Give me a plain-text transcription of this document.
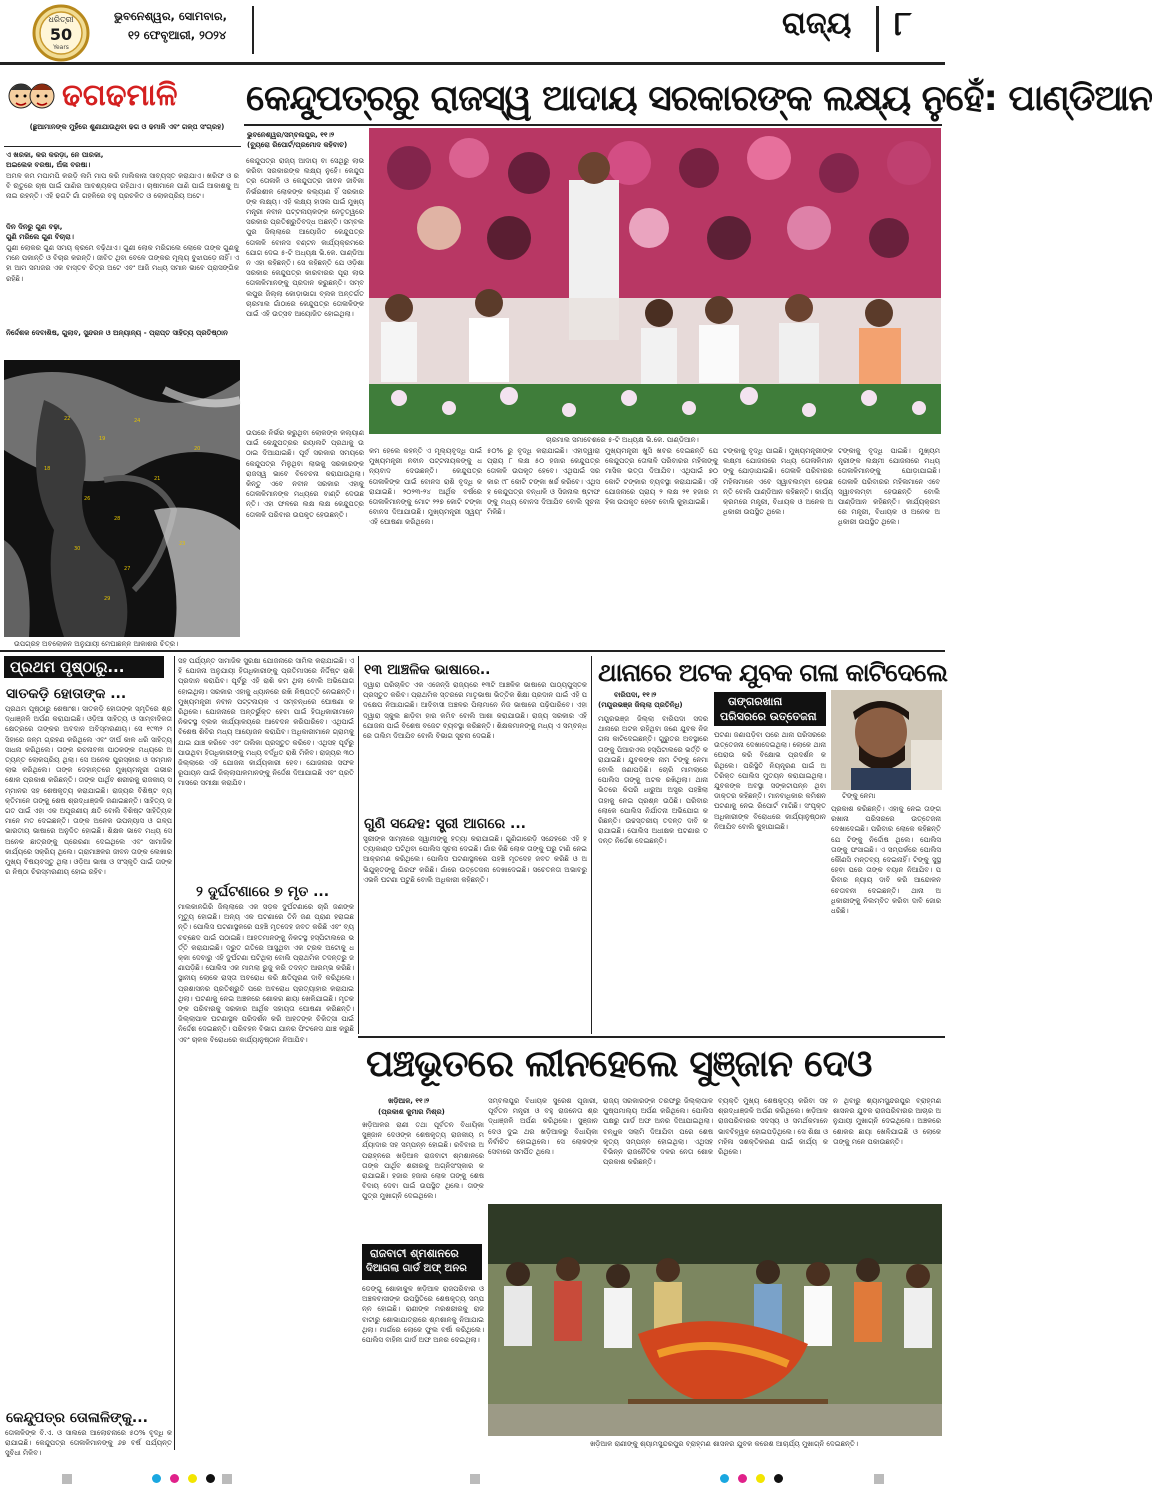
ଧରିତ୍ରୀ
50
Years
ଭୁବନେଶ୍ୱର, ସୋମବାର,
୧୨ ଫେବୃଆରୀ, ୨୦୨୪	ରାଜ୍ୟ ୮
ଢଗଢମାଳି
(ଛୁଆମାନଙ୍କ ମୁହଁରେ ଶୁଣାଯାଉଥିବା ଢଗ ଓ ଢମାଳି ଏବଂ ଗଳ୍ପ ସଂଗ୍ରହ)
ଏ ଖରକା, କର କରଡ଼ା, ନେ ପାରକା,
ଅଇଲେକ ବରଷା, ଅଁଳା ବରଷା।
ଅମଳ କମ ମପାମପି କରଡ଼ି ଲମି ମାପ କରି ମାଲିକାନା ସାବ୍ୟସ୍ତ କରାଯାଏ। ଖରିଫ ଓ ରବି ଋତୁରେ ଚାଷ ପାଇଁ ପାଣିର ଆବଶ୍ୟକତା ରହିଥାଏ। ଚାଷୀମାନେ ପାଣି ପାଇଁ ଆକାଶକୁ ଅନାଇ ରହନ୍ତି। ଏହି ଢଗଟି ଗାଁ ଗହଳିରେ ବହୁ ପ୍ରଚଳିତ ଓ ଲୋକପ୍ରିୟ ଅଟେ।
ଦିନ ଦିନରୁ ଗୁଣ ବଢ଼ା,
ଗୁଣି ମରିଲେ ଗୁଣ ବିଚାରା।
ଗୁଣୀ ଲୋକର ଗୁଣ ସମୟ କ୍ରମେ ବଢ଼ିଥାଏ। ଗୁଣୀ ଲୋକ ମରିଗଲେ ଲୋକେ ତାଙ୍କ ଗୁଣକୁ ମନେ ପକାନ୍ତି ଓ ବିଚାର କରନ୍ତି। ଜୀବିତ ଥିବା ବେଳେ ତାଙ୍କର ମୂଲ୍ୟ ବୁଝାପଡ଼େ ନାହିଁ। ଏହା ଆମ ସମାଜର ଏକ ବାସ୍ତବ ଚିତ୍ର ଅଟେ ଏବଂ ଆଜି ମଧ୍ୟ ସମାନ ଭାବେ ପ୍ରାସଙ୍ଗିକ ରହିଛି।
ନିର୍ଦ୍ଦେଶକ ଦେବାଶିଷ, ଗୁଲାବ, ସୁନ୍ଦରନ ଓ ଅନ୍ୟାନ୍ୟ - ପ୍ରାପ୍ତ ସାହିତ୍ୟ ପ୍ରତିଷ୍ଠାନ
22
19
24
26
28
21
30
27
23
18
20
29
ଉପଗ୍ରହ ଅବଲୋକନ ଅନୁଯାୟୀ ମେଘାଛନ୍ନ ଆକାଶର ଚିତ୍ର।
କେନ୍ଦୁପତ୍ରରୁ ରାଜସ୍ୱ ଆଦାୟ ସରକାରଙ୍କ ଲକ୍ଷ୍ୟ ନୁହେଁ: ପାଣ୍ଡିଆନ
ଭୁବନେଶ୍ୱର/ସମ୍ବଲପୁର, ୧୧।୨
(ବ୍ୟୁରୋ ରିପୋର୍ଟ/ପ୍ରମୋଦ କହିବାଚ)
କେନ୍ଦୁପତ୍ର ରାଜ୍ୟ ଆଦାୟ ବା ସେଥିରୁ ଲାଭ କରିବା ସରକାରଙ୍କ ଲକ୍ଷ୍ୟ ନୁହେଁ। କେନ୍ଦୁପତ୍ର ତୋଳାଳି ଓ କେନ୍ଦୁପତ୍ର ଜୀବନ ଜୀବିକା ନିର୍ଭରଶୀଳ ଲୋକଙ୍କ କଲ୍ୟାଣ ହିଁ ସରକାରଙ୍କ ଲକ୍ଷ୍ୟ। ଏହି ଲକ୍ଷ୍ୟ ହାସଲ ପାଇଁ ମୁଖ୍ୟମନ୍ତ୍ରୀ ନବୀନ ପଟ୍ଟନାୟକଙ୍କ ନେତୃତ୍ୱରେ ସରକାର ପ୍ରତିଶ୍ରୁତିବଦ୍ଧ ଅଛନ୍ତି। ସମ୍ବଲପୁର ଜିଲ୍ଲାରେ ଆୟୋଜିତ କେନ୍ଦୁପତ୍ର ତୋଳାଳି ବୋନସ ବଣ୍ଟନ କାର୍ଯ୍ୟକ୍ରମରେ ଯୋଗ ଦେଇ ୫-ଟି ଅଧ୍ୟକ୍ଷ ଭି.କେ. ପାଣ୍ଡିଆନ ଏହା କହିଛନ୍ତି। ସେ କହିଛନ୍ତି ଯେ ଓଡ଼ିଶା ସରକାର କେନ୍ଦୁପତ୍ର କାରବାରର ପୂରା ଲାଭ ତୋଳାଳିମାନଙ୍କୁ ପ୍ରଦାନ କରୁଛନ୍ତି। ସମ୍ବଲପୁର ଜିଲ୍ଲା କୋଡ଼ାଭାଗା ବ୍ଲକ ଅନ୍ତର୍ଗତ ଚାରମାଲ ଗାଁଠାରେ କେନ୍ଦୁପତ୍ର ତୋଳାଳିଙ୍କ ପାଇଁ ଏହି ଉତ୍ସବ ଆୟୋଜିତ ହୋଇଥିଲା।
ଚାରମାଲ ସମାବେଶରେ ୫-ଟି ଅଧ୍ୟକ୍ଷ ଭି.କେ. ପାଣ୍ଡିଆନ।
ଉପରେ ନିର୍ଭର କରୁଥିବା ଲୋକଙ୍କ କଲ୍ୟାଣ ପାଇଁ କେନ୍ଦୁପତ୍ରର ରୟାଲଟି ପ୍ରଥାକୁ ଉଠାଇ ଦିଆଯାଇଛି। ପୂର୍ବ ସରକାର ସମୟରେ କେନ୍ଦୁପତ୍ର ମିଳୁଥିବା ଲାଭକୁ ସରକାରଙ୍କ ରାଜସ୍ୱ ଭାବେ ବିବେଚନା କରାଯାଉଥିଲା। କିନ୍ତୁ ଏବେ ନବୀନ ସରକାର ଏହାକୁ ତୋଳାଳିମାନଙ୍କ ମଧ୍ୟରେ ବାଣ୍ଟି ଦେଉଛନ୍ତି। ଏହା ଫଳରେ ଲକ୍ଷ ଲକ୍ଷ କେନ୍ଦୁପତ୍ର ତୋଳାଳି ପରିବାର ଉପକୃତ ହେଉଛନ୍ତି।
କମ ହେଲେ କହନ୍ତି ଏ ମୂଲ୍ୟବୃଦ୍ଧି ପାଇଁ ମୁଖ୍ୟମନ୍ତ୍ରୀ ନବୀନ ପଟ୍ଟନାୟକଙ୍କୁ ଧନ୍ୟବାଦ ଦେଉଛନ୍ତି। କେନ୍ଦୁପତ୍ର ତୋଳାଳିଙ୍କ ପାଇଁ ବୋନସ ରାଶି ବୃଦ୍ଧି କରାଯାଇଛି। ୨୦୨୩-୨୪ ଆର୍ଥିକ ବର୍ଷରେ ତୋଳାଳିମାନଙ୍କୁ ମୋଟ ୨୨୭ କୋଟି ଟଙ୍କା ବୋନସ ଦିଆଯାଉଛି। ମୁଖ୍ୟମନ୍ତ୍ରୀ ସ୍ୱୟଂ ଏହି ଘୋଷଣା କରିଥିଲେ।
୫୦% ରୁ ବୃଦ୍ଧି କରାଯାଇଛି। ଏହାଦ୍ୱାରା ପ୍ରାୟ ୮ ଲକ୍ଷ ୫୦ ହଜାର କେନ୍ଦୁପତ୍ର ତୋଳାଳି ଉପକୃତ ହେବେ। ଏଥିପାଇଁ ସରକାର ୯୮ କୋଟି ଟଙ୍କା ଖର୍ଚ୍ଚ କରିବେ। ଏଥିସହ କେନ୍ଦୁପତ୍ର ବନ୍ଧାଳି ଓ ସିଜନାଲ ଷ୍ଟାଫଙ୍କୁ ମଧ୍ୟ ବୋନସ ଦିଆଯିବ ବୋଲି ସୂଚନା ମିଳିଛି।
ମୁଖ୍ୟମନ୍ତ୍ରୀ ଖୁସି ଖବର ଦେଇଛନ୍ତି ଯେ କେନ୍ଦୁପତ୍ର ତୋଳାଳି ପରିବାରର ମହିଳାଙ୍କୁ ମାସିକ ଭତ୍ତା ଦିଆଯିବ। ଏଥିପାଇଁ ୭୦ କୋଟି ଟଙ୍କାର ବ୍ୟବସ୍ଥା କରାଯାଇଛି। ଏହି ଯୋଜନାରେ ପ୍ରାୟ ୨ ଲକ୍ଷ ୨୧ ହଜାର ମହିଳା ଉପକୃତ ହେବେ ବୋଲି କୁହାଯାଇଛି।
ଟଙ୍କାକୁ ବୃଦ୍ଧି ପାଇଛି। ମୁଖ୍ୟମନ୍ତ୍ରୀଙ୍କ ଲକ୍ଷ୍ମୀ ଯୋଜନାରେ ମଧ୍ୟ ତୋଳାଳିମାନଙ୍କୁ ଯୋଡ଼ାଯାଇଛି। ତୋଳାଳି ପରିବାରର ମହିଳାମାନେ ଏବେ ସ୍ୱାବଲମ୍ବୀ ହେଉଛନ୍ତି ବୋଲି ପାଣ୍ଡିଆନ କହିଛନ୍ତି। କାର୍ଯ୍ୟକ୍ରମରେ ମନ୍ତ୍ରୀ, ବିଧାୟକ ଓ ଅନେକ ଅଧିକାରୀ ଉପସ୍ଥିତ ଥିଲେ।
ଟଙ୍କାକୁ ବୃଦ୍ଧି ପାଇଛି। ମୁଖ୍ୟମନ୍ତ୍ରୀଙ୍କ ଲକ୍ଷ୍ମୀ ଯୋଜନାରେ ମଧ୍ୟ ତୋଳାଳିମାନଙ୍କୁ ଯୋଡ଼ାଯାଇଛି। ତୋଳାଳି ପରିବାରର ମହିଳାମାନେ ଏବେ ସ୍ୱାବଲମ୍ବୀ ହେଉଛନ୍ତି ବୋଲି ପାଣ୍ଡିଆନ କହିଛନ୍ତି। କାର୍ଯ୍ୟକ୍ରମରେ ମନ୍ତ୍ରୀ, ବିଧାୟକ ଓ ଅନେକ ଅଧିକାରୀ ଉପସ୍ଥିତ ଥିଲେ।
ପ୍ରଥମ ପୃଷ୍ଠାରୁ...
ସାତକଡ଼ି ହୋତାଙ୍କ ...
ପ୍ରଥମ ପୃଷ୍ଠାରୁ ଶେଷାଂଶ। ସାତକଡ଼ି ହୋତାଙ୍କ ସ୍ମୃତିରେ ଶ୍ରଦ୍ଧାଞ୍ଜଳି ଅର୍ପଣ କରାଯାଇଛି। ଓଡ଼ିଆ ସାହିତ୍ୟ ଓ ସାମ୍ବାଦିକତା କ୍ଷେତ୍ରରେ ତାଙ୍କର ଅବଦାନ ଅବିସ୍ମରଣୀୟ। ସେ ୧୯୩୨ ମସିହାରେ ଜନ୍ମ ଗ୍ରହଣ କରିଥିଲେ ଏବଂ ଦୀର୍ଘ କାଳ ଧରି ସାହିତ୍ୟ ସାଧନା କରିଥିଲେ। ତାଙ୍କ ରଚନାବଳୀ ପାଠକଙ୍କ ମଧ୍ୟରେ ଅତ୍ୟନ୍ତ ଲୋକପ୍ରିୟ ଥିଲା। ସେ ଅନେକ ପୁରସ୍କାର ଓ ସମ୍ମାନ ଲାଭ କରିଥିଲେ। ତାଙ୍କ ଦେହାନ୍ତରେ ମୁଖ୍ୟମନ୍ତ୍ରୀ ଗଭୀର ଶୋକ ପ୍ରକାଶ କରିଛନ୍ତି। ତାଙ୍କ ପାର୍ଥିବ ଶରୀରକୁ ରାଜକୀୟ ସମ୍ମାନର ସହ ଶେଷକୃତ୍ୟ କରାଯାଇଛି। ରାଜ୍ୟର ବିଶିଷ୍ଟ ବ୍ୟକ୍ତିମାନେ ତାଙ୍କୁ ଶେଷ ଶ୍ରଦ୍ଧାଞ୍ଜଳି ଜଣାଇଛନ୍ତି। ସାହିତ୍ୟ ଜଗତ ପାଇଁ ଏହା ଏକ ଅପୂରଣୀୟ କ୍ଷତି ବୋଲି ବିଶିଷ୍ଟ ସାହିତ୍ୟିକମାନେ ମତ ଦେଇଛନ୍ତି। ତାଙ୍କ ଅନେକ ଉପନ୍ୟାସ ଓ ଗଳ୍ପ ଭାରତୀୟ ଭାଷାରେ ଅନୁଦିତ ହୋଇଛି। ଶିକ୍ଷକ ଭାବେ ମଧ୍ୟ ସେ ଅନେକ ଛାତ୍ରଙ୍କୁ ପ୍ରେରଣା ଦେଇଥିଲେ ଏବଂ ସାମାଜିକ କାର୍ଯ୍ୟରେ ସକ୍ରିୟ ଥିଲେ। ଗ୍ରାମାଞ୍ଚଳର ଜୀବନ ତାଙ୍କ ଲେଖାର ମୁଖ୍ୟ ବିଷୟବସ୍ତୁ ଥିଲା। ଓଡ଼ିଆ ଭାଷା ଓ ସଂସ୍କୃତି ପାଇଁ ତାଙ୍କର ନିଷ୍ଠା ଚିରସ୍ମରଣୀୟ ହୋଇ ରହିବ।
କେନ୍ଦୁପତ୍ର ତୋଳାଳିଙ୍କୁ...
ତୋଳାଳିଙ୍କ ବି.ଏ. ଓ ସାଲରେ ଆଲୋଚନାରେ ୫୦% ବୃଦ୍ଧି କରାଯାଇଛି। କେନ୍ଦୁପତ୍ର ତୋଳାଳିମାନଙ୍କୁ ୬୭ ବର୍ଷ ପର୍ଯ୍ୟନ୍ତ ସୁବିଧା ମିଳିବ।
ସହ ପର୍ଯ୍ୟନ୍ତ ସାମାଜିକ ସୁରକ୍ଷା ଯୋଜନାରେ ସାମିଲ କରାଯାଇଛି। ଏହି ଯୋଜନା ଅନୁଯାୟୀ ହିତାଧିକାରୀଙ୍କୁ ପ୍ରତିମାସରେ ନିର୍ଦ୍ଦିଷ୍ଟ ରାଶି ପ୍ରଦାନ କରାଯିବ। ପୂର୍ବରୁ ଏହି ରାଶି କମ ଥିଲା ବୋଲି ଅଭିଯୋଗ ହୋଇଥିଲା। ସରକାର ଏହାକୁ ଧ୍ୟାନରେ ରଖି ନିଷ୍ପତ୍ତି ନେଇଛନ୍ତି। ମୁଖ୍ୟମନ୍ତ୍ରୀ ନବୀନ ପଟ୍ଟନାୟକ ଏ ସମ୍ବନ୍ଧରେ ଘୋଷଣା କରିଥିଲେ। ଯୋଜନାରେ ଅନ୍ତର୍ଭୁକ୍ତ ହେବା ପାଇଁ ହିତାଧିକାରୀମାନେ ନିକଟସ୍ଥ ବ୍ଲକ କାର୍ଯ୍ୟାଳୟରେ ଆବେଦନ କରିପାରିବେ। ଏଥିପାଇଁ ବିଶେଷ ଶିବିର ମଧ୍ୟ ଆୟୋଜନ କରାଯିବ। ଅଧିକାରୀମାନେ ଗ୍ରାମକୁ ଯାଇ ଯାଞ୍ଚ କରିବେ ଏବଂ ତାଲିକା ପ୍ରସ୍ତୁତ କରିବେ। ଏଥିସହ ପୂର୍ବରୁ ପାଉଥିବା ହିତାଧିକାରୀଙ୍କୁ ମଧ୍ୟ ବର୍ଦ୍ଧିତ ରାଶି ମିଳିବ। ରାଜ୍ୟର ୩୦ ଜିଲ୍ଲାରେ ଏହି ଯୋଜନା କାର୍ଯ୍ୟକାରୀ ହେବ। ଯୋଜନାର ସଫଳ ରୂପାୟନ ପାଇଁ ଜିଲ୍ଲାପାଳମାନଙ୍କୁ ନିର୍ଦ୍ଦେଶ ଦିଆଯାଇଛି ଏବଂ ପ୍ରତି ମାସରେ ସମୀକ୍ଷା କରାଯିବ।
୨ ଦୁର୍ଘଟଣାରେ ୭ ମୃତ ...
ମାଲକାନଗିରି ଜିଲ୍ଲାରେ ଏକ ସଡ଼କ ଦୁର୍ଘଟଣାରେ ଚାରି ଜଣଙ୍କ ମୃତ୍ୟୁ ହୋଇଛି। ଅନ୍ୟ ଏକ ଘଟଣାରେ ତିନି ଜଣ ପ୍ରାଣ ହରାଇଛନ୍ତି। ପୋଲିସ ଘଟଣାସ୍ଥଳରେ ପହଞ୍ଚି ମୃତଦେହ ଜବତ କରିଛି ଏବଂ ବ୍ୟବଚ୍ଛେଦ ପାଇଁ ପଠାଇଛି। ଆହତମାନଙ୍କୁ ନିକଟସ୍ଥ ହସ୍ପିଟାଲରେ ଭର୍ତ୍ତି କରାଯାଇଛି। ଦ୍ରୁତ ଗତିରେ ଆସୁଥିବା ଏକ ଟ୍ରକ ଅଟୋକୁ ଧକ୍କା ଦେବାରୁ ଏହି ଦୁର୍ଘଟଣା ଘଟିଥିଲା ବୋଲି ପ୍ରାଥମିକ ତଦନ୍ତରୁ ଜଣାପଡ଼ିଛି। ପୋଲିସ ଏକ ମାମଲା ରୁଜୁ କରି ତଦନ୍ତ ଆରମ୍ଭ କରିଛି। ସ୍ଥାନୀୟ ଲୋକେ ରାସ୍ତା ଅବରୋଧ କରି କ୍ଷତିପୂରଣ ଦାବି କରିଥିଲେ। ପ୍ରଶାସନର ପ୍ରତିଶ୍ରୁତି ପରେ ଅବରୋଧ ପ୍ରତ୍ୟାହାର କରାଯାଇଥିଲା। ଘଟଣାକୁ ନେଇ ଅଞ୍ଚଳରେ ଶୋକର ଛାୟା ଖେଳିଯାଇଛି। ମୃତକଙ୍କ ପରିବାରକୁ ସରକାର ଆର୍ଥିକ ସହାୟତା ଘୋଷଣା କରିଛନ୍ତି। ଜିଲ୍ଲାପାଳ ଘଟଣାସ୍ଥଳ ପରିଦର୍ଶନ କରି ଆହତଙ୍କ ଚିକିତ୍ସା ପାଇଁ ନିର୍ଦ୍ଦେଶ ଦେଇଛନ୍ତି। ପରିବହନ ବିଭାଗ ଯାନର ଫିଟନେସ ଯାଞ୍ଚ କରୁଛି ଏବଂ ଚାଳକ ବିରୋଧରେ କାର୍ଯ୍ୟାନୁଷ୍ଠାନ ନିଆଯିବ।
୧୩ ଆଞ୍ଚଳିକ ଭାଷାରେ..
ଦ୍ୱାରା ପରିଚାଳିତ ଏକ ଏଜେନ୍ସି ରାଜ୍ୟରେ ୧୩ଟି ଆଞ୍ଚଳିକ ଭାଷାରେ ପାଠ୍ୟପୁସ୍ତକ ପ୍ରସ୍ତୁତ କରିବ। ପ୍ରାଥମିକ ସ୍ତରରେ ମାତୃଭାଷା ଭିତ୍ତିକ ଶିକ୍ଷା ପ୍ରଦାନ ପାଇଁ ଏହି ପଦକ୍ଷେପ ନିଆଯାଇଛି। ଆଦିବାସୀ ଅଞ୍ଚଳର ପିଲାମାନେ ନିଜ ଭାଷାରେ ପଢ଼ିପାରିବେ। ଏହା ଦ୍ୱାରା ସ୍କୁଲ ଛାଡ଼ିବା ହାର କମିବ ବୋଲି ଆଶା କରାଯାଉଛି। ରାଜ୍ୟ ସରକାର ଏହି ଯୋଜନା ପାଇଁ ବିଶେଷ ବଜେଟ ବ୍ୟବସ୍ଥା କରିଛନ୍ତି। ଶିକ୍ଷକମାନଙ୍କୁ ମଧ୍ୟ ଏ ସମ୍ବନ୍ଧରେ ତାଲିମ ଦିଆଯିବ ବୋଲି ବିଭାଗ ସୂଚନା ଦେଇଛି।
ଗୁଣି ସନ୍ଦେହ: ସ୍ତ୍ରୀ ଆଗରେ ...
ସ୍ତ୍ରୀଙ୍କ ସାମ୍ନାରେ ସ୍ୱାମୀଙ୍କୁ ହତ୍ୟା କରାଯାଇଛି। ଗୁଣିଗାରେଡ଼ି ସନ୍ଦେହରେ ଏହି ହତ୍ୟାକାଣ୍ଡ ଘଟିଥିବା ପୋଲିସ ସୂଚନା ଦେଇଛି। ଗାଁର କିଛି ଲୋକ ତାଙ୍କୁ ଘରୁ ଟାଣି ନେଇ ଆକ୍ରମଣ କରିଥିଲେ। ପୋଲିସ ଘଟଣାସ୍ଥଳରେ ପହଞ୍ଚି ମୃତଦେହ ଜବତ କରିଛି ଓ ଅଭିଯୁକ୍ତଙ୍କୁ ଗିରଫ କରିଛି। ଗାଁରେ ଉତ୍ତେଜନା ଦେଖାଦେଇଛି। ସଚେତନତା ଅଭାବରୁ ଏଭଳି ଘଟଣା ଘଟୁଛି ବୋଲି ଅଧିକାରୀ କହିଛନ୍ତି।
ଥାନାରେ ଅଟକ ଯୁବକ ଗଳା କାଟିଦେଲେ
ବାରିପଦା, ୧୧।୨
(ମୟୂରଭଞ୍ଜ ଜିଲ୍ଲା ପ୍ରତିନିଧି)	ତାଙ୍ଗରଖାନା
ପରିସରରେ ଉତ୍ତେଜନା
ଟିଙ୍କୁ ନେମା
ମୟୂରଭଞ୍ଜ ଜିଲ୍ଲା ବାରିପଦା ସଦର ଥାନାରେ ଅଟକ ରହିଥିବା ଜଣେ ଯୁବକ ନିଜ ଗଳା କାଟିଦେଇଛନ୍ତି। ଗୁରୁତର ଅବସ୍ଥାରେ ତାଙ୍କୁ ପିଆରଏଲ ହସ୍ପିଟାଲରେ ଭର୍ତ୍ତି କରାଯାଇଛି। ଯୁବକଙ୍କ ନାମ ଟିଙ୍କୁ ନେମା ବୋଲି ଜଣାପଡ଼ିଛି। ଚୋରି ମାମଲାରେ ପୋଲିସ ତାଙ୍କୁ ଅଟକ ରଖିଥିଲା। ଥାନା ଭିତରେ କିପରି ଧାରୁଆ ଅସ୍ତ୍ର ପହଞ୍ଚିଲା ତାହାକୁ ନେଇ ପ୍ରଶ୍ନ ଉଠିଛି। ପରିବାର ଲୋକେ ପୋଲିସ ନିର୍ଯାତନା ଅଭିଯୋଗ କରିଛନ୍ତି। ଉଚ୍ଚସ୍ତରୀୟ ତଦନ୍ତ ଦାବି କରାଯାଇଛି। ପୋଲିସ ଅଧୀକ୍ଷକ ଘଟଣାର ତଦନ୍ତ ନିର୍ଦ୍ଦେଶ ଦେଇଛନ୍ତି।
ଘଟଣା ଜଣାପଡ଼ିବା ପରେ ଥାନା ପରିସରରେ ଉତ୍ତେଜନା ଦେଖାଦେଇଥିଲା। ଲୋକେ ଥାନା ଘେରାଉ କରି ବିକ୍ଷୋଭ ପ୍ରଦର୍ଶନ କରିଥିଲେ। ପରିସ୍ଥିତି ନିୟନ୍ତ୍ରଣ ପାଇଁ ଅତିରିକ୍ତ ପୋଲିସ ମୁତୟନ କରାଯାଇଥିଲା। ଯୁବକଙ୍କ ଅବସ୍ଥା ସଙ୍କଟାପନ୍ନ ଥିବା ଡାକ୍ତର କହିଛନ୍ତି। ମାନବାଧିକାର କମିଶନ ଘଟଣାକୁ ନେଇ ରିପୋର୍ଟ ମାଗିଛି। ସଂପୃକ୍ତ ଅଧିକାରୀଙ୍କ ବିରୋଧରେ କାର୍ଯ୍ୟାନୁଷ୍ଠାନ ନିଆଯିବ ବୋଲି କୁହାଯାଇଛି।
ପ୍ରକାଶ କରିଛନ୍ତି। ଏହାକୁ ନେଇ ତାଙ୍ଗରଖାନା ପରିସରରେ ଉତ୍ତେଜନା ଦେଖାଦେଇଛି। ପରିବାର ଲୋକେ କହିଛନ୍ତି ଯେ ଟିଙ୍କୁ ନିର୍ଦ୍ଦୋଷ ଥିଲେ। ପୋଲିସ ତାଙ୍କୁ ଫସାଇଛି। ଏ ସମ୍ପର୍କରେ ପୋଲିସ କୌଣସି ମନ୍ତବ୍ୟ ଦେଇନାହିଁ। ଟିଙ୍କୁ ସୁସ୍ଥ ହେବା ପରେ ତାଙ୍କ ବୟାନ ନିଆଯିବ। ପରିବାର ନ୍ୟାୟ ଦାବି କରି ଆନ୍ଦୋଳନ ଚେତାବନୀ ଦେଇଛନ୍ତି। ଥାନା ଅଧିକାରୀଙ୍କୁ ନିଲମ୍ବିତ କରିବା ଦାବି ଜୋର ଧରିଛି।
ପଞ୍ଚଭୂତରେ ଲୀନହେଲେ ସୁଞ୍ଜାନ ଦେଓ
ଖଡ଼ିଆଳ, ୧୧।୨
(ପ୍ରକାଶ କୁମାର ମିଶ୍ର)
ଖଡ଼ିଆଳର ରାଣୀ ତଥା ପୂର୍ବତନ ବିଧାୟିକା ସୁଞ୍ଜାନ ଦେଓଙ୍କ ଶେଷକୃତ୍ୟ ରାଜକୀୟ ମର୍ଯ୍ୟାଦାର ସହ ସମ୍ପନ୍ନ ହୋଇଛି। ରବିବାର ଅପରାହ୍ନରେ ଖଡ଼ିଆଳ ରାଜବାଟୀ ଶ୍ମଶାନରେ ତାଙ୍କ ପାର୍ଥିବ ଶରୀରକୁ ଅଗ୍ନିସଂସ୍କାର କରାଯାଇଛି। ହଜାର ହଜାର ଲୋକ ତାଙ୍କୁ ଶେଷ ବିଦାୟ ଦେବା ପାଇଁ ଉପସ୍ଥିତ ଥିଲେ। ତାଙ୍କ ପୁତ୍ର ମୁଖାଗ୍ନି ଦେଇଥିଲେ।
ସମ୍ବଲପୁର ବିଧାୟକ ସୁରେଶ ପୂଜାରୀ, ପୂର୍ବତନ ମନ୍ତ୍ରୀ ଓ ବହୁ ରାଜନେତା ଶ୍ରଦ୍ଧାଞ୍ଜଳି ଅର୍ପଣ କରିଥିଲେ। ସୁଞ୍ଜାନ ଦେଓ ଦୁଇ ଥର ଖଡ଼ିଆଳରୁ ବିଧାୟିକା ନିର୍ବାଚିତ ହୋଇଥିଲେ। ସେ ଲୋକଙ୍କ ସେବାରେ ସମର୍ପିତ ଥିଲେ।
ରାଜ୍ୟ ସରକାରଙ୍କ ତରଫରୁ ଜିଲ୍ଲାପାଳ ପୁଷ୍ପମାଲ୍ୟ ଅର୍ପଣ କରିଥିଲେ। ପୋଲିସ ପକ୍ଷରୁ ଗାର୍ଡ ଅଫ ଅନର ଦିଆଯାଇଥିଲା। ବନ୍ଧୁକ ସଲାମି ଦିଆଯିବା ପରେ ଶେଷକୃତ୍ୟ ସମ୍ପନ୍ନ ହୋଇଥିଲା। ଏଥିସହ ବିଭିନ୍ନ ରାଜନୈତିକ ଦଳର ନେତା ଶୋକ ପ୍ରକାଶ କରିଛନ୍ତି।
ବ୍ୟକ୍ତି ମୁଖ୍ୟ ଶେଷକୃତ୍ୟ କରିବା ସହ ଶ୍ରଦ୍ଧାଞ୍ଜଳି ଅର୍ପଣ କରିଥିଲେ। ଖଡ଼ିଆଳ ରାଜପରିବାରର ସଦସ୍ୟ ଓ ସମର୍ଥକମାନେ ଭାବବିହ୍ୱଳ ହୋଇପଡ଼ିଥିଲେ। ସେ ଶିକ୍ଷା ଓ ମହିଳା ସଶକ୍ତିକରଣ ପାଇଁ କାର୍ଯ୍ୟ କରିଥିଲେ।
ନ ଥିବାରୁ ଶ୍ୟାମସୁନ୍ଦରପୁର ବ୍ରାହ୍ମଣ ଶାସନର ଯୁବକ ରାଜପରିବାରର ଆଚାର ଅନୁଯାୟୀ ମୁଖାଗ୍ନି ଦେଇଥିଲେ। ଅଞ୍ଚଳରେ ଶୋକର ଛାୟା ଖେଳିଯାଇଛି ଓ ଲୋକେ ତାଙ୍କୁ ମନେ ପକାଉଛନ୍ତି।
ରାଜବାଟୀ ଶ୍ମଶାନରେ
ଦିଆଗଲା ଗାର୍ଡ ଅଫ୍ ଅନର
ଡେଙ୍ଗୁ ଶୋକାକୁଳ ଖଡ଼ିଆଳ ରାଜପରିବାର ଓ ଅଞ୍ଚଳବାସୀଙ୍କ ଉପସ୍ଥିତିରେ ଶେଷକୃତ୍ୟ ସମ୍ପନ୍ନ ହୋଇଛି। ରାଣୀଙ୍କ ମରଶରୀରକୁ ରାଜବାଟୀରୁ ଶୋଭାଯାତ୍ରାରେ ଶ୍ମଶାନକୁ ନିଆଯାଇଥିଲା। ମାର୍ଗରେ ଲୋକେ ଫୁଲ ବର୍ଷା କରିଥିଲେ। ପୋଲିସ ବାହିନୀ ଗାର୍ଡ ଅଫ ଅନର ଦେଇଥିଲା।
ଖଡ଼ିଆଳ ରାଣୀଙ୍କୁ ଶ୍ୟାମସୁନ୍ଦରପୁର ବ୍ରାହ୍ମଣ ଶାସନର ଯୁବକ କରେଶ ଆଚାର୍ଯ୍ୟ ମୁଖାଗ୍ନି ଦେଇଛନ୍ତି।
